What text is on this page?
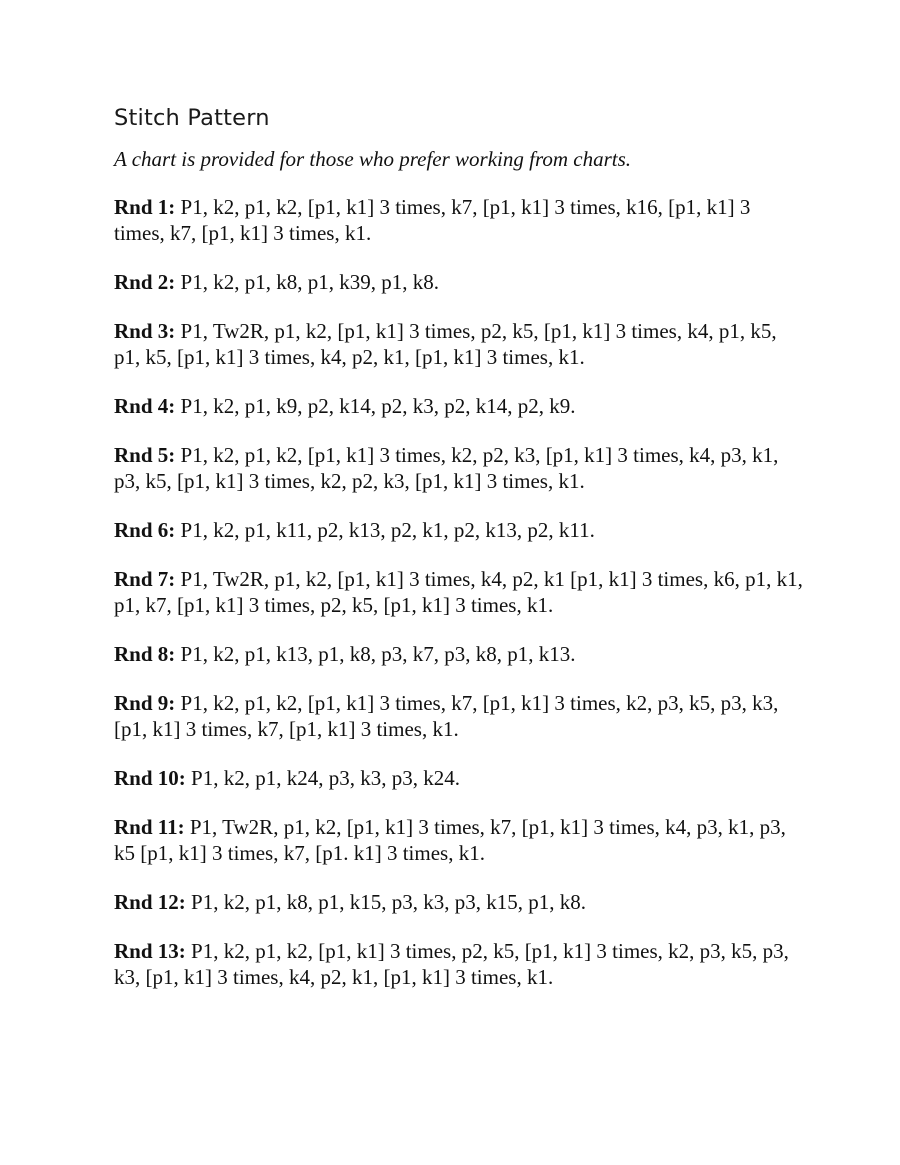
Stitch Pattern

A chart is provided for those who prefer working from charts.

Rnd 1: P1, k2, p1, k2, [p1, k1] 3 times, k7, [p1, k1] 3 times, k16, [p1, k1] 3 times, k7, [p1, k1] 3 times, k1.
Rnd 2: P1, k2, p1, k8, p1, k39, p1, k8.
Rnd 3: P1, Tw2R, p1, k2, [p1, k1] 3 times, p2, k5, [p1, k1] 3 times, k4, p1, k5, p1, k5, [p1, k1] 3 times, k4, p2, k1, [p1, k1] 3 times, k1.
Rnd 4: P1, k2, p1, k9, p2, k14, p2, k3, p2, k14, p2, k9.
Rnd 5: P1, k2, p1, k2, [p1, k1] 3 times, k2, p2, k3, [p1, k1] 3 times, k4, p3, k1, p3, k5, [p1, k1] 3 times, k2, p2, k3, [p1, k1] 3 times, k1.
Rnd 6: P1, k2, p1, k11, p2, k13, p2, k1, p2, k13, p2, k11.
Rnd 7: P1, Tw2R, p1, k2, [p1, k1] 3 times, k4, p2, k1 [p1, k1] 3 times, k6, p1, k1, p1, k7, [p1, k1] 3 times, p2, k5, [p1, k1] 3 times, k1.
Rnd 8: P1, k2, p1, k13, p1, k8, p3, k7, p3, k8, p1, k13.
Rnd 9: P1, k2, p1, k2, [p1, k1] 3 times, k7, [p1, k1] 3 times, k2, p3, k5, p3, k3, [p1, k1] 3 times, k7, [p1, k1] 3 times, k1.
Rnd 10: P1, k2, p1, k24, p3, k3, p3, k24.
Rnd 11: P1, Tw2R, p1, k2, [p1, k1] 3 times, k7, [p1, k1] 3 times, k4, p3, k1, p3, k5 [p1, k1] 3 times, k7, [p1. k1] 3 times, k1.
Rnd 12: P1, k2, p1, k8, p1, k15, p3, k3, p3, k15, p1, k8.
Rnd 13: P1, k2, p1, k2, [p1, k1] 3 times, p2, k5, [p1, k1] 3 times, k2, p3, k5, p3, k3, [p1, k1] 3 times, k4, p2, k1, [p1, k1] 3 times, k1.
